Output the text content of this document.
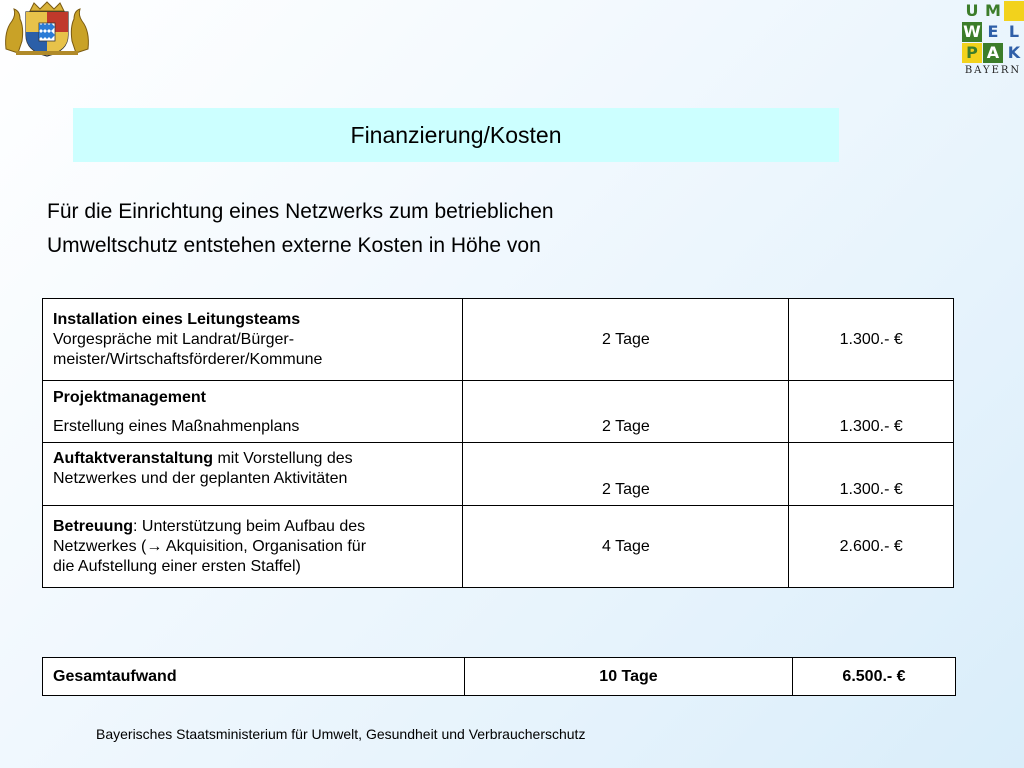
U M
W E L
P A K
BAYERN
Finanzierung/Kosten
Für die Einrichtung eines Netzwerks zum betrieblichen
Umweltschutz entstehen externe Kosten in Höhe von
Installation eines Leitungsteams
Vorgespräche mit Landrat/Bürger-
meister/Wirtschaftsförderer/Kommune	2 Tage	1.300.- €

Projektmanagement
Erstellung eines Maßnahmenplans	2 Tage	1.300.- €
Auftaktveranstaltung mit Vorstellung des
Netzwerkes und der geplanten Aktivitäten	2 Tage	1.300.- €
Betreuung: Unterstützung beim Aufbau des
Netzwerkes (→ Akquisition, Organisation für
die Aufstellung einer ersten Staffel)	4 Tage	2.600.- €
Gesamtaufwand	10 Tage	6.500.- €
Bayerisches Staatsministerium für Umwelt, Gesundheit und Verbraucherschutz
